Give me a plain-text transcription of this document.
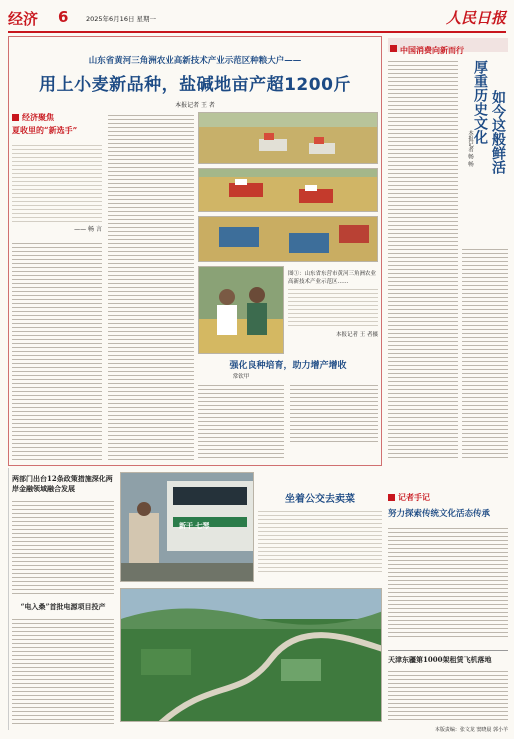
经济 6	2025年6月16日 星期一	人民日报
山东省黄河三角洲农业高新技术产业示范区种粮大户——
用上小麦新品种，盐碱地亩产超1200斤
本报记者 王 者
经济聚焦
夏收里的“新选手”
—— 畅 言
图①：山东省东营市黄河三角洲农业高新技术产业示范区……
本报记者 王 者摄
强化良种培育，助力增产增收
常钦甲
中国消费向新而行
厚重历史文化 如今这般鲜活
本报记者 畅 畅
记者手记
努力探索传统文化活态传承
天津东疆第1000架租赁飞机落地
本版责编：张文龙 窦晓晨 郭小羊
两部门出台12条政策措施深化两岸金融领域融合发展
“电入桑”首批电源项目投产
新干 七琴
坐着公交去卖菜
